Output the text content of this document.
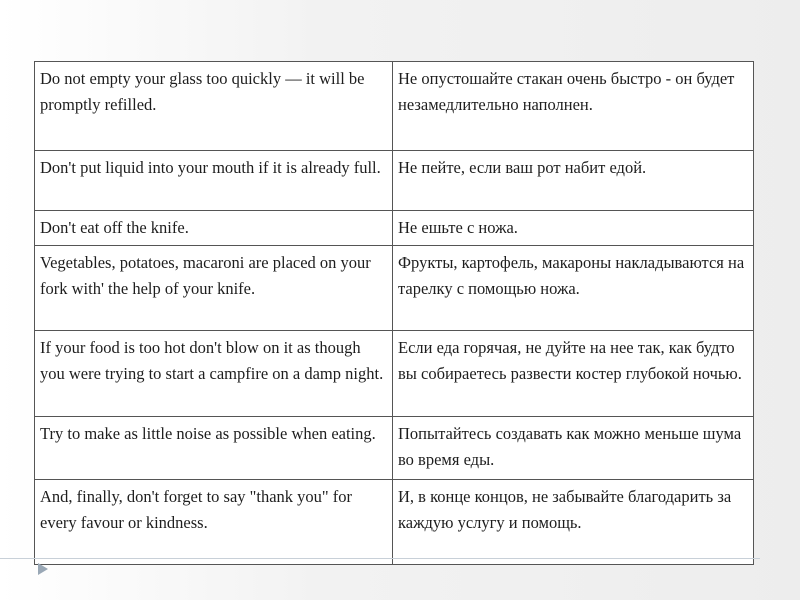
Do not empty your glass too quickly — it will be promptly refilled.	Не опустошайте стакан очень быстро - он будет незамедлительно наполнен.
Don't put liquid into your mouth if it is already full.	Не пейте, если ваш рот набит едой.
Don't eat off the knife.	Не ешьте с ножа.
Vegetables, potatoes, macaroni are placed on your fork with' the help of your knife.	Фрукты, картофель, макароны накладываются на тарелку с помощью ножа.
If your food is too hot don't blow on it as though you were trying to start a campfire on a damp night.	Если еда горячая, не дуйте на нее так, как будто вы собираетесь развести костер глубокой ночью.
Try to make as little noise as possible when eating.	Попытайтесь создавать как можно меньше шума во время еды.
And, finally, don't forget to say "thank you" for every favour or kindness.	И, в конце концов, не забывайте благодарить за каждую услугу и помощь.
